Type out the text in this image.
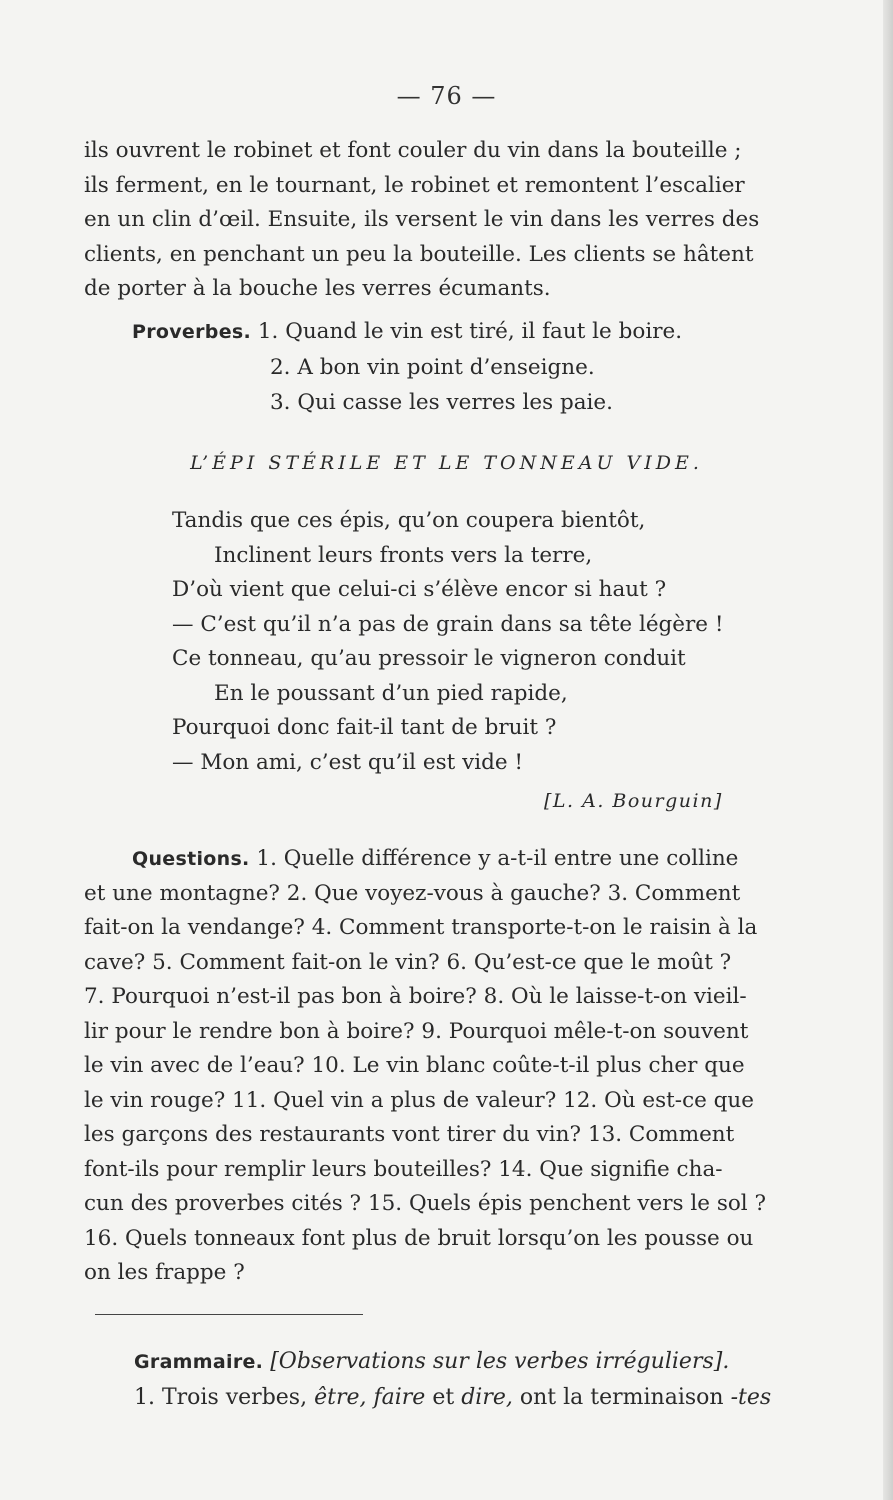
— 76 —
ils ouvrent le robinet et font couler du vin dans la bouteille ;
ils ferment, en le tournant, le robinet et remontent l’escalier
en un clin d’œil. Ensuite, ils versent le vin dans les verres des
clients, en penchant un peu la bouteille. Les clients se hâtent
de porter à la bouche les verres écumants.
Proverbes. 1. Quand le vin est tiré, il faut le boire.
2. A bon vin point d’enseigne.
3. Qui casse les verres les paie.
L’ÉPI STÉRILE ET LE TONNEAU VIDE.
Tandis que ces épis, qu’on coupera bientôt,
Inclinent leurs fronts vers la terre,
D’où vient que celui-ci s’élève encor si haut ?
— C’est qu’il n’a pas de grain dans sa tête légère !
Ce tonneau, qu’au pressoir le vigneron conduit
En le poussant d’un pied rapide,
Pourquoi donc fait-il tant de bruit ?
— Mon ami, c’est qu’il est vide !
[L. A. Bourguin]
Questions. 1. Quelle différence y a-t-il entre une colline
et une montagne? 2. Que voyez-vous à gauche? 3. Comment
fait-on la vendange? 4. Comment transporte-t-on le raisin à la
cave? 5. Comment fait-on le vin? 6. Qu’est-ce que le moût ?
7. Pourquoi n’est-il pas bon à boire? 8. Où le laisse-t-on vieil-
lir pour le rendre bon à boire? 9. Pourquoi mêle-t-on souvent
le vin avec de l’eau? 10. Le vin blanc coûte-t-il plus cher que
le vin rouge? 11. Quel vin a plus de valeur? 12. Où est-ce que
les garçons des restaurants vont tirer du vin? 13. Comment
font-ils pour remplir leurs bouteilles? 14. Que signifie cha-
cun des proverbes cités ? 15. Quels épis penchent vers le sol ?
16. Quels tonneaux font plus de bruit lorsqu’on les pousse ou
on les frappe ?
Grammaire. [Observations sur les verbes irréguliers].
1. Trois verbes, être, faire et dire, ont la terminaison -tes
